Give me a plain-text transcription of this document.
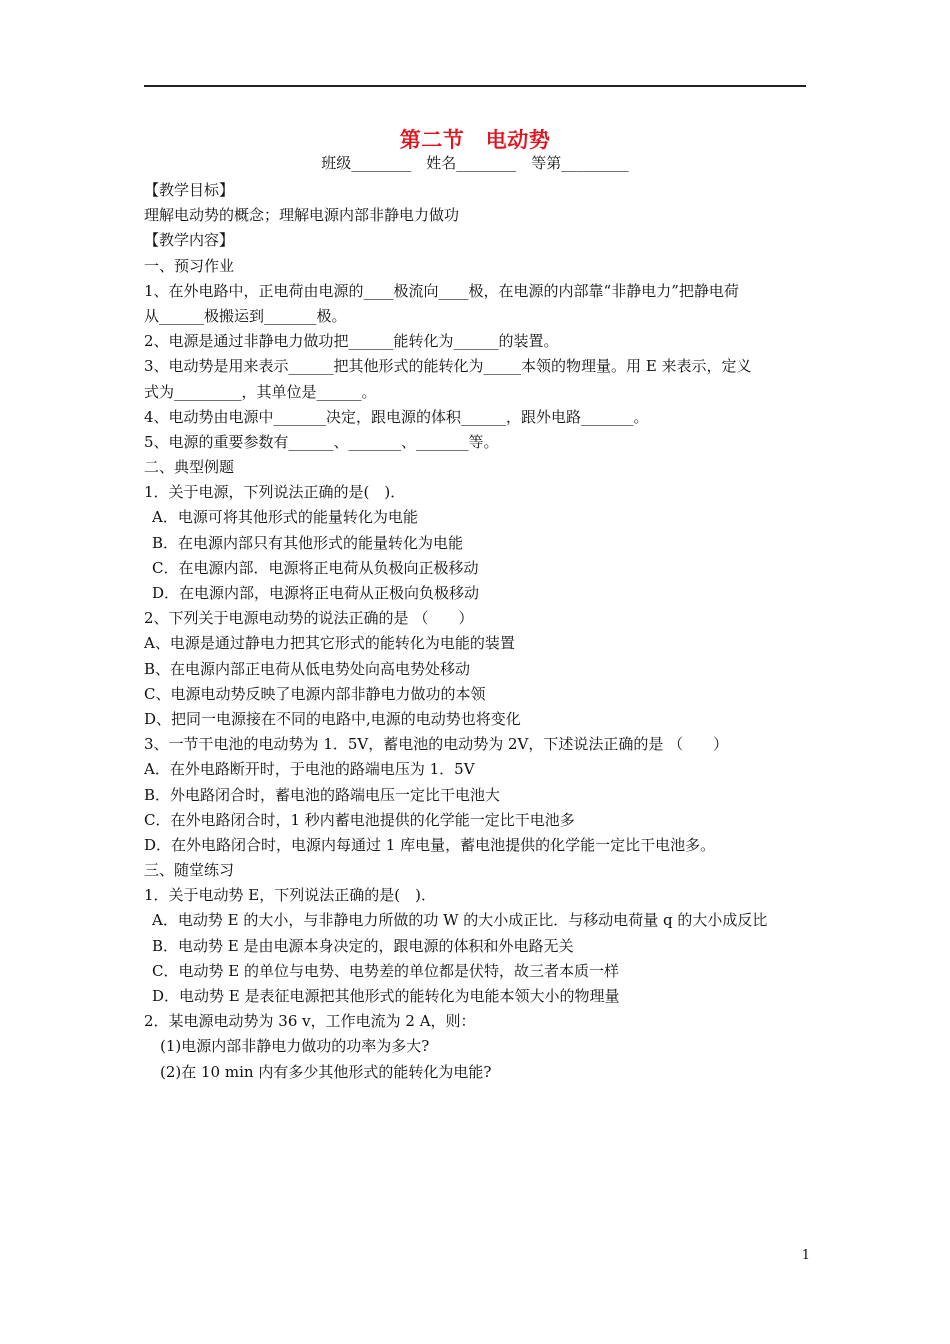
第二节　电动势
班级________　姓名________　等第_________
【教学目标】
理解电动势的概念；理解电源内部非静电力做功
【教学内容】
一、预习作业
1、在外电路中，正电荷由电源的____极流向____极，在电源的内部靠“非静电力”把静电荷
从______极搬运到_______极。
2、电源是通过非静电力做功把______能转化为______的装置。
3、电动势是用来表示______把其他形式的能转化为_____本领的物理量。用 E 来表示，定义
式为_________，其单位是______。
4、电动势由电源中_______决定，跟电源的体积______，跟外电路_______。
5、电源的重要参数有______、_______、_______等。
二、典型例题
1．关于电源，下列说法正确的是(　)．
A．电源可将其他形式的能量转化为电能
B．在电源内部只有其他形式的能量转化为电能
C．在电源内部．电源将正电荷从负极向正极移动
D．在电源内部，电源将正电荷从正极向负极移动
2、下列关于电源电动势的说法正确的是 （　　）
A、电源是通过静电力把其它形式的能转化为电能的装置
B、在电源内部正电荷从低电势处向高电势处移动
C、电源电动势反映了电源内部非静电力做功的本领
D、把同一电源接在不同的电路中,电源的电动势也将变化
3、一节干电池的电动势为 1．5V，蓄电池的电动势为 2V，下述说法正确的是 （　　）
A．在外电路断开时，于电池的路端电压为 1．5V
B．外电路闭合时，蓄电池的路端电压一定比干电池大
C．在外电路闭合时，1 秒内蓄电池提供的化学能一定比干电池多
D．在外电路闭合时，电源内每通过 1 库电量，蓄电池提供的化学能一定比干电池多。
三、随堂练习
1．关于电动势 E，下列说法正确的是(　)．
A．电动势 E 的大小，与非静电力所做的功 W 的大小成正比．与移动电荷量 q 的大小成反比
B．电动势 E 是由电源本身决定的，跟电源的体积和外电路无关
C．电动势 E 的单位与电势、电势差的单位都是伏特，故三者本质一样
D．电动势 E 是表征电源把其他形式的能转化为电能本领大小的物理量
2．某电源电动势为 36 v，工作电流为 2 A，则：
(1)电源内部非静电力做功的功率为多大?
(2)在 10 min 内有多少其他形式的能转化为电能?
1
